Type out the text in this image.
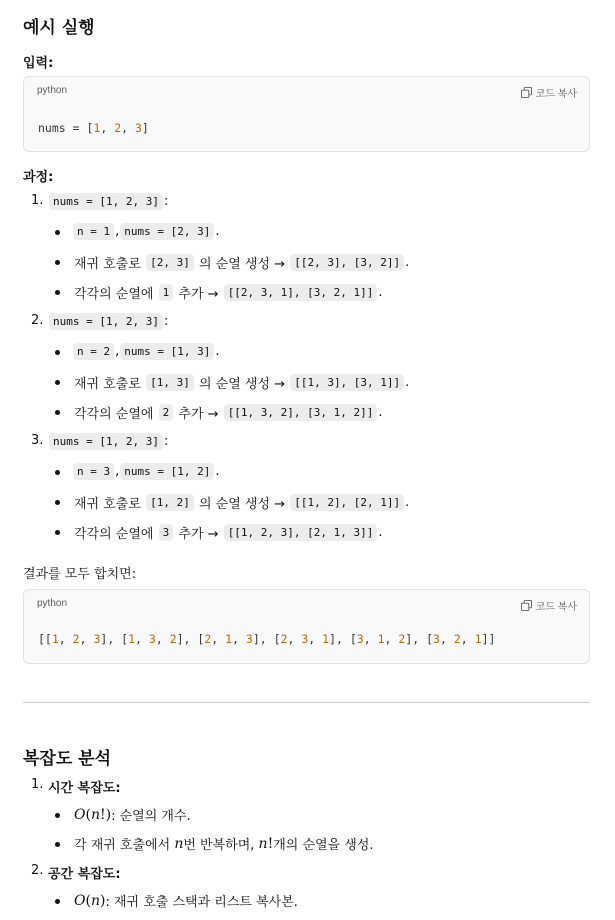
예시 실행
입력:
python	코드 복사
nums = [1, 2, 3]
과정:
1. nums = [1, 2, 3] :
n = 1 , nums = [2, 3] .
재귀 호출로
[2, 3]
의 순열 생성 →
[[2, 3], [3, 2]] .
각각의 순열에
1
추가 →
[[2, 3, 1], [3, 2, 1]] .
2. nums = [1, 2, 3] :
n = 2 , nums = [1, 3] .
재귀 호출로
[1, 3]
의 순열 생성 →
[[1, 3], [3, 1]] .
각각의 순열에
2
추가 →
[[1, 3, 2], [3, 1, 2]] .
3. nums = [1, 2, 3] :
n = 3 , nums = [1, 2] .
재귀 호출로
[1, 2]
의 순열 생성 →
[[1, 2], [2, 1]] .
각각의 순열에
3
추가 →
[[1, 2, 3], [2, 1, 3]] .
결과를 모두 합치면:
python	코드 복사
[[1, 2, 3], [1, 3, 2], [2, 1, 3], [2, 3, 1], [3, 1, 2], [3, 2, 1]]
복잡도 분석
1. 시간 복잡도:
O ( n ! ) : 순열의 개수.
각 재귀 호출에서
n 번 반복하며,
n ! 개의 순열을 생성.
2. 공간 복잡도:
O ( n ) : 재귀 호출 스택과 리스트 복사본.
